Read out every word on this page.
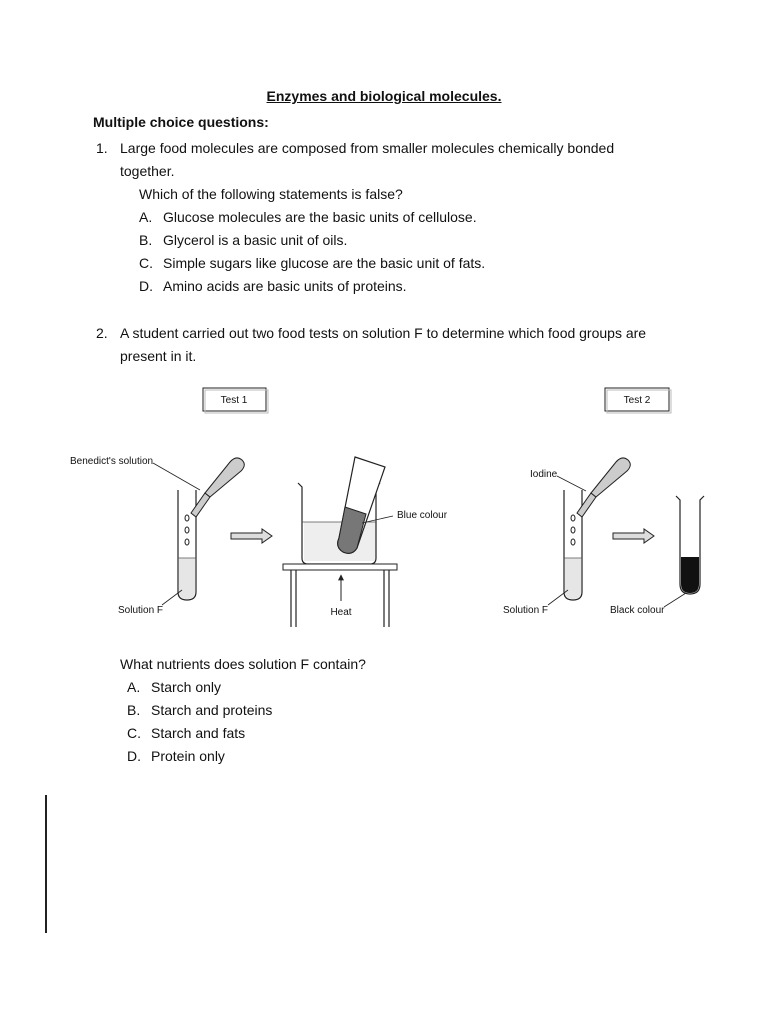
Enzymes and biological molecules.
Multiple choice questions:
1. Large food molecules are composed from smaller molecules chemically bonded
together.
Which of the following statements is false?
A. Glucose molecules are the basic units of cellulose.
B. Glycerol is a basic unit of oils.
C. Simple sugars like glucose are the basic unit of fats.
D. Amino acids are basic units of proteins.
2. A student carried out two food tests on solution F to determine which food groups are
present in it.
Test 1	Test 2
Benedict's solution
Solution F
Blue colour
Heat
Iodine
Solution F	Black colour
What nutrients does solution F contain?
A. Starch only
B. Starch and proteins
C. Starch and fats
D. Protein only
